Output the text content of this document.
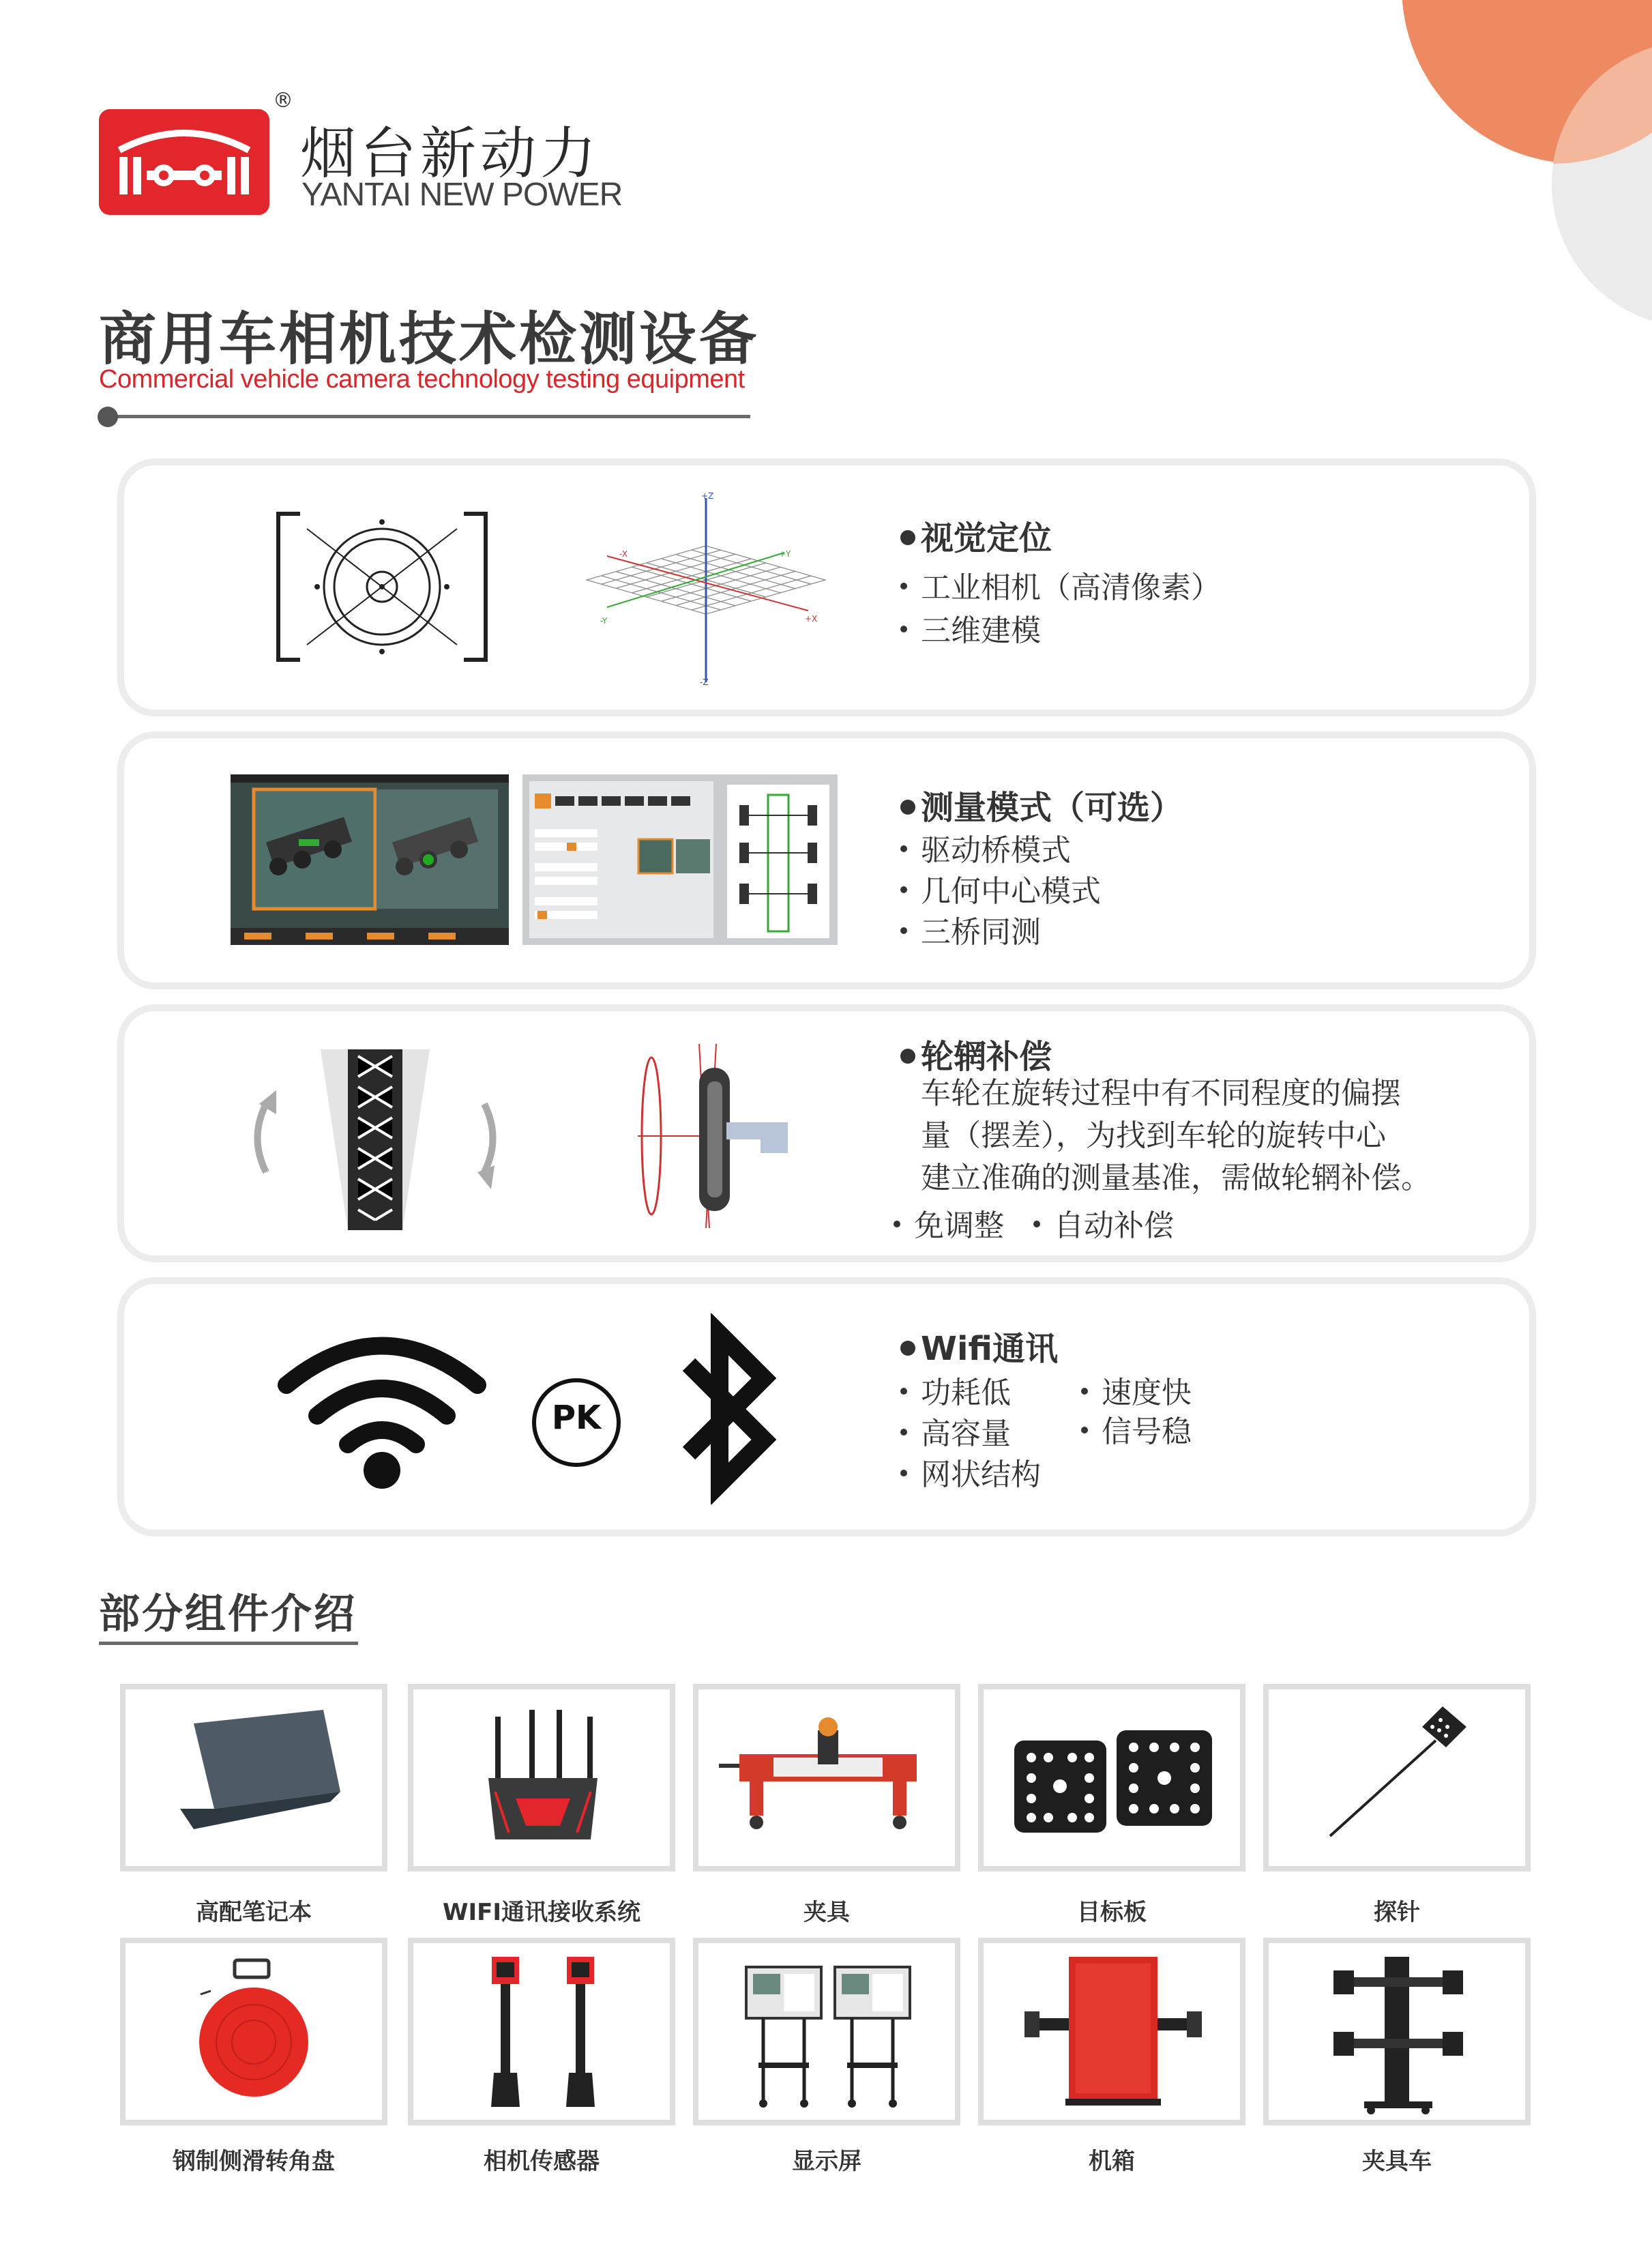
®
烟台新动力
YANTAI NEW POWER
商用车相机技术检测设备
Commercial vehicle camera technology testing equipment
+Z
-X	+Y
-Y	+X
-Z
视觉定位
工业相机（高清像素）
三维建模
测量模式（可选）
驱动桥模式
几何中心模式
三桥同测
轮辋补偿
车轮在旋转过程中有不同程度的偏摆
量（摆差），为找到车轮的旋转中心
建立准确的测量基准，需做轮辋补偿。
免调整	自动补偿
PK
Wifi通讯
功耗低
高容量
网状结构
速度快
信号稳
部分组件介绍
高配笔记本	WIFI通讯接收系统	夹具	目标板	探针
钢制侧滑转角盘	相机传感器	显示屏	机箱	夹具车
